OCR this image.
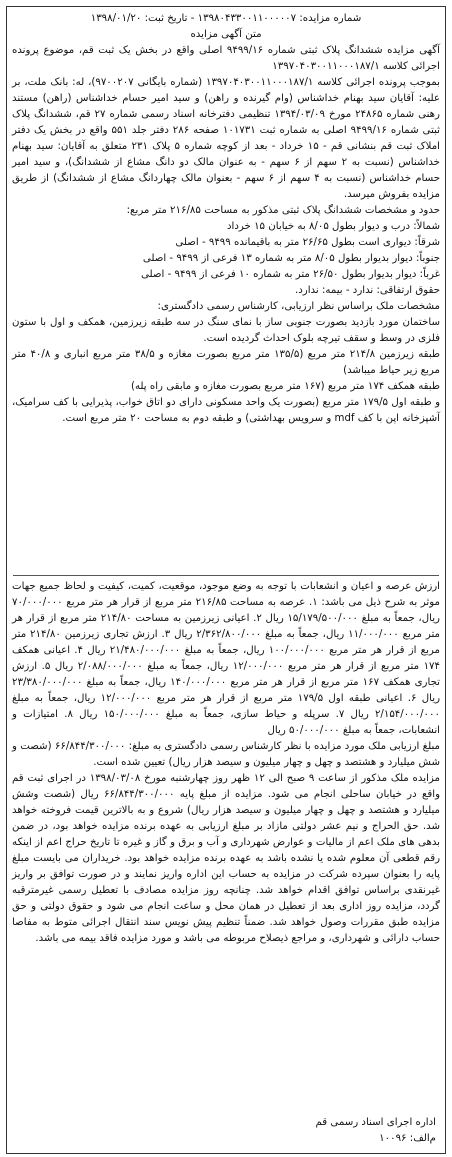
شماره مزایده: ۱۳۹۸۰۴۳۳۰۰۱۱۰۰۰۰۰۷ - تاریخ ثبت: ۱۳۹۸/۰۱/۲۰

متن آگهی مزایده

آگهی مزایده ششدانگ پلاک ثبتی شماره ۹۴۹۹/۱۶ اصلی واقع در بخش یک ثبت قم، موضوع پرونده اجرائی کلاسه ۱۳۹۷۰۴۰۳۰۰۱۱۰۰۰۱۸۷/۱

بموجب پرونده اجرائی کلاسه ۱۳۹۷۰۴۰۳۰۰۱۱۰۰۰۱۸۷/۱ (شماره بایگانی ۹۷۰۰۲۰۷)، له: بانک ملت، بر علیه: آقایان سید بهنام خداشناس (وام گیرنده و راهن) و سید امیر حسام خداشناس (راهن) مستند رهنی شماره ۲۴۸۶۵ مورخ ۱۳۹۴/۰۳/۰۹ تنظیمی دفترخانه اسناد رسمی شماره ۲۷ قم، ششدانگ پلاک ثبتی شماره ۹۴۹۹/۱۶ اصلی به شماره ثبت ۱۰۱۷۳۱ صفحه ۲۸۶ دفتر جلد ۵۵۱ واقع در بخش یک دفتر املاک ثبت قم بنشانی قم - ۱۵ خرداد - بعد از کوچه شماره ۵ پلاک ۲۳۱ متعلق به آقایان: سید بهنام خداشناس (نسبت به ۲ سهم از ۶ سهم - به عنوان مالک دو دانگ مشاع از ششدانگ)، و سید امیر حسام خداشناس (نسبت به ۴ سهم از ۶ سهم - بعنوان مالک چهاردانگ مشاع از ششدانگ) از طریق مزایده بفروش میرسد.

حدود و مشخصات ششدانگ پلاک ثبتی مذکور به مساحت ۲۱۶/۸۵ متر مربع:

شمالاً: درب و دیوار بطول ۸/۰۵ به خیابان ۱۵ خرداد

شرقاً: دیواری است بطول ۲۶/۶۵ متر به باقیمانده ۹۴۹۹ - اصلی

جنوباً: دیوار بدیوار بطول ۸/۰۵ متر به شماره ۱۳ فرعی از ۹۴۹۹ - اصلی

غرباً: دیوار بدیوار بطول ۲۶/۵۰ متر به شماره ۱۰ فرعی از ۹۴۹۹ - اصلی

حقوق ارتفاقی: ندارد - بیمه: ندارد.

مشخصات ملک براساس نظر ارزیابی، کارشناس رسمی دادگستری:

ساختمان مورد بازدید بصورت جنوبی ساز با نمای سنگ در سه طبقه زیرزمین، همکف و اول با ستون فلزی در وسط و سقف تیرچه بلوک احداث گردیده است.

طبقه زیرزمین ۲۱۴/۸ متر مربع (۱۳۵/۵ متر مربع بصورت مغازه و ۳۸/۵ متر مربع انباری و ۴۰/۸ متر مربع زیر حیاط میباشد)

طبقه همکف ۱۷۴ متر مربع (۱۶۷ متر مربع بصورت مغازه و مابقی راه پله)

و طبقه اول ۱۷۹/۵ متر مربع (بصورت یک واحد مسکونی دارای دو اتاق خواب، پذیرایی با کف سرامیک، آشپزخانه اپن با کف mdf و سرویس بهداشتی) و طبقه دوم به مساحت ۲۰ متر مربع است.

ارزش عرصه و اعیان و انشعابات با توجه به وضع موجود، موقعیت، کمیت، کیفیت و لحاظ جمیع جهات موثر به شرح ذیل می باشد: ۱. عرصه به مساحت ۲۱۶/۸۵ متر مربع از قرار هر متر مربع ۷۰/۰۰۰/۰۰۰ ریال، جمعاً به مبلغ ۱۵/۱۷۹/۵۰۰/۰۰۰ ریال ۲. اعیانی زیرزمین به مساحت ۲۱۴/۸۰ متر مربع از قرار هر متر مربع ۱۱/۰۰۰/۰۰۰ ریال، جمعاً به مبلغ ۲/۳۶۲/۸۰۰/۰۰۰ ریال ۳. ارزش تجاری زیرزمین ۲۱۴/۸۰ متر مربع از قرار هر متر مربع ۱۰۰/۰۰۰/۰۰۰ ریال، جمعاً به مبلغ ۲۱/۴۸۰/۰۰۰/۰۰۰ ریال ۴. اعیانی همکف ۱۷۴ متر مربع از قرار هر متر مربع ۱۲/۰۰۰/۰۰۰ ریال، جمعاً به مبلغ ۲/۰۸۸/۰۰۰/۰۰۰ ریال ۵. ارزش تجاری همکف ۱۶۷ متر مربع از قرار هر متر مربع ۱۴۰/۰۰۰/۰۰۰ ریال، جمعاً به مبلغ ۲۳/۳۸۰/۰۰۰/۰۰۰ ریال ۶. اعیانی طبقه اول ۱۷۹/۵ متر مربع از قرار هر متر مربع ۱۲/۰۰۰/۰۰۰ ریال، جمعاً به مبلغ ۲/۱۵۴/۰۰۰/۰۰۰ ریال ۷. سرپله و حیاط سازی، جمعاً به مبلغ ۱۵۰/۰۰۰/۰۰۰ ریال ۸. امتیازات و انشعابات، جمعاً به مبلغ ۵۰/۰۰۰/۰۰۰ ریال

مبلغ ارزیابی ملک مورد مزایده با نظر کارشناس رسمی دادگستری به مبلغ: ۶۶/۸۴۴/۳۰۰/۰۰۰ (شصت و شش میلیارد و هشتصد و چهل و چهار میلیون و سیصد هزار ریال) تعیین شده است.

مزایده ملک مذکور از ساعت ۹ صبح الی ۱۲ ظهر روز چهارشنبه مورخ ۱۳۹۸/۰۳/۰۸ در اجرای ثبت قم واقع در خیابان ساحلی انجام می شود. مزایده از مبلغ پایه ۶۶/۸۴۴/۳۰۰/۰۰۰ ریال (شصت وشش میلیارد و هشتصد و چهل و چهار میلیون و سیصد هزار ریال) شروع و به بالاترین قیمت فروخته خواهد شد. حق الحراج و نیم عشر دولتی مازاد بر مبلغ ارزیابی به عهده برنده مزایده خواهد بود، در ضمن بدهی های ملک اعم از مالیات و عوارض شهرداری و آب و برق و گاز و غیره تا تاریخ حراج اعم از اینکه رقم قطعی آن معلوم شده یا نشده باشد به عهده برنده مزایده خواهد بود. خریداران می بایست مبلغ پایه را بعنوان سپرده شرکت در مزایده به حساب این اداره واریز نمایند و در صورت توافق بر واریز غیرنقدی براساس توافق اقدام خواهد شد. چنانچه روز مزایده مصادف با تعطیل رسمی غیرمترقبه گردد، مزایده روز اداری بعد از تعطیل در همان محل و ساعت انجام می شود و حقوق دولتی و حق مزایده طبق مقررات وصول خواهد شد. ضمناً تنظیم پیش نویس سند انتقال اجرائی متوط به مفاصا حساب دارائی و شهرداری، و مراجع ذیصلاح مربوطه می باشد و مورد مزایده فاقد بیمه می باشد.

اداره اجرای اسناد رسمی قم

م‌الف: ۱۰۰۹۶
